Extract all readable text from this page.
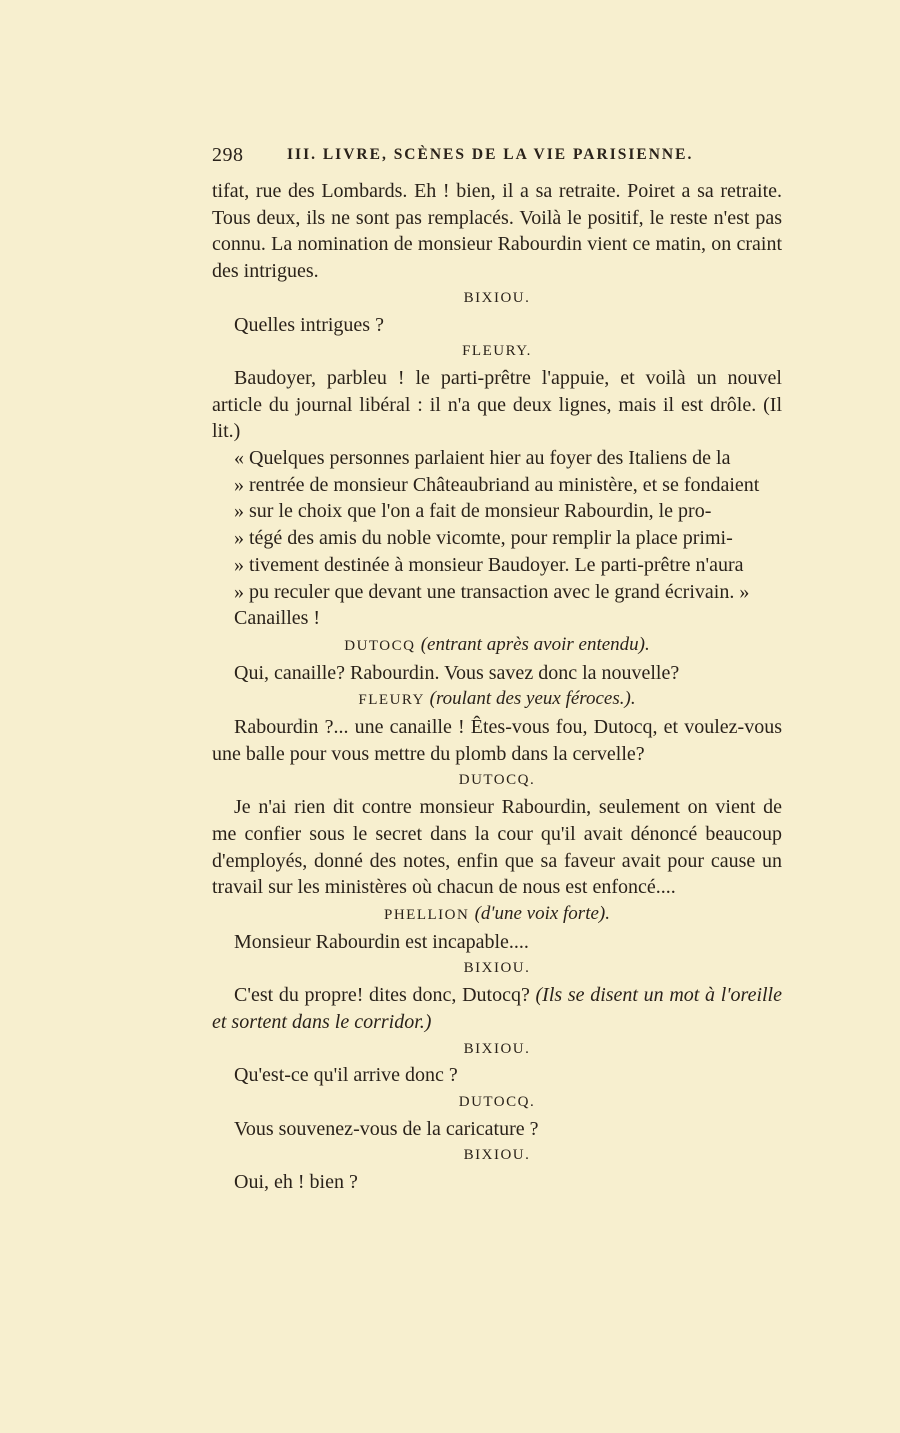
298	III. LIVRE, SCÈNES DE LA VIE PARISIENNE.

tifat, rue des Lombards. Eh ! bien, il a sa retraite. Poiret a sa retraite. Tous deux, ils ne sont pas remplacés. Voilà le positif, le reste n'est pas connu. La nomination de monsieur Rabourdin vient ce matin, on craint des intrigues.

BIXIOU.

Quelles intrigues ?

FLEURY.

Baudoyer, parbleu ! le parti-prêtre l'appuie, et voilà un nouvel article du journal libéral : il n'a que deux lignes, mais il est drôle. (Il lit.)

« Quelques personnes parlaient hier au foyer des Italiens de la

» rentrée de monsieur Châteaubriand au ministère, et se fondaient

» sur le choix que l'on a fait de monsieur Rabourdin, le pro-

» tégé des amis du noble vicomte, pour remplir la place primi-

» tivement destinée à monsieur Baudoyer. Le parti-prêtre n'aura

» pu reculer que devant une transaction avec le grand écrivain. »

Canailles !

DUTOCQ (entrant après avoir entendu).

Qui, canaille? Rabourdin. Vous savez donc la nouvelle?

FLEURY (roulant des yeux féroces.).

Rabourdin ?... une canaille ! Êtes-vous fou, Dutocq, et voulez-vous une balle pour vous mettre du plomb dans la cervelle?

DUTOCQ.

Je n'ai rien dit contre monsieur Rabourdin, seulement on vient de me confier sous le secret dans la cour qu'il avait dénoncé beaucoup d'employés, donné des notes, enfin que sa faveur avait pour cause un travail sur les ministères où chacun de nous est enfoncé....

PHELLION (d'une voix forte).

Monsieur Rabourdin est incapable....

BIXIOU.

C'est du propre! dites donc, Dutocq? (Ils se disent un mot à l'oreille et sortent dans le corridor.)

BIXIOU.

Qu'est-ce qu'il arrive donc ?

DUTOCQ.

Vous souvenez-vous de la caricature ?

BIXIOU.

Oui, eh ! bien ?
